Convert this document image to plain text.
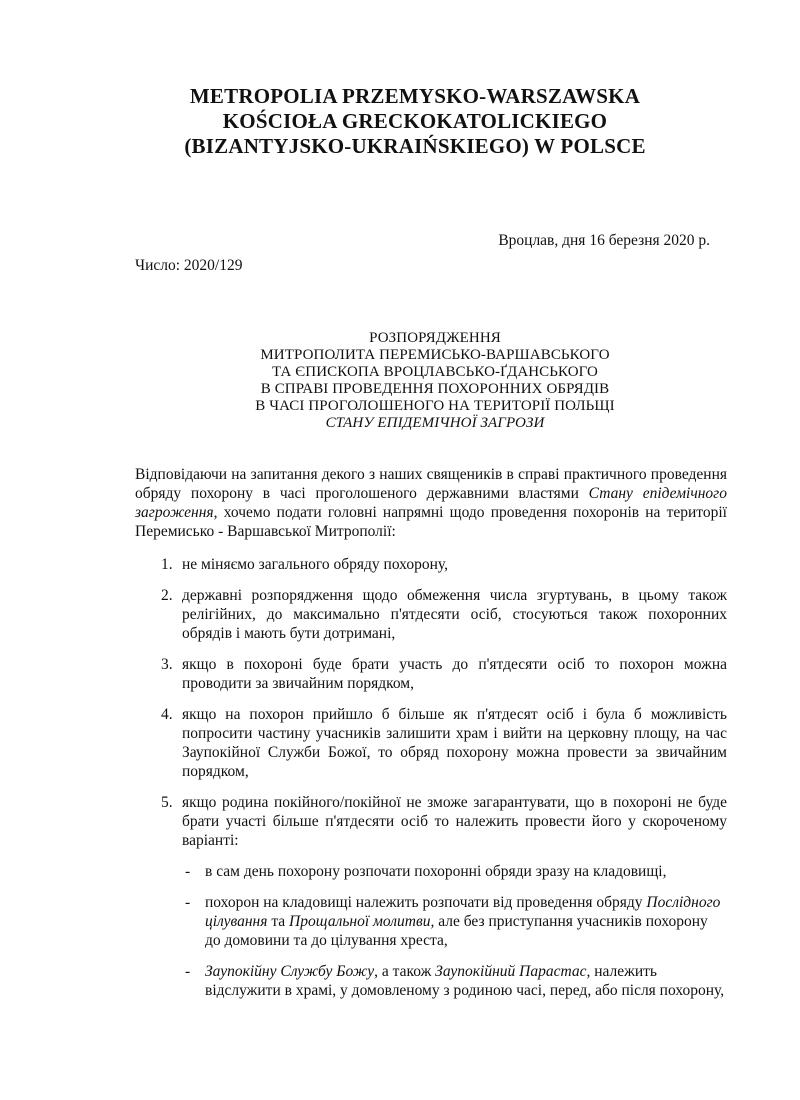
METROPOLIA PRZEMYSKO-WARSZAWSKA
KOŚCIOŁA GRECKOKATOLICKIEGO
(BIZANTYJSKO-UKRAIŃSKIEGO) W POLSCE
Вроцлав, дня 16 березня 2020 р.
Число: 2020/129
РОЗПОРЯДЖЕННЯ
МИТРОПОЛИТА ПЕРЕМИСЬКО-ВАРШАВСЬКОГО
ТА ЄПИСКОПА ВРОЦЛАВСЬКО-ҐДАНСЬКОГО
В СПРАВІ ПРОВЕДЕННЯ ПОХОРОННИХ ОБРЯДІВ
В ЧАСІ ПРОГОЛОШЕНОГО НА ТЕРИТОРІЇ ПОЛЬЩІ
СТАНУ ЕПІДЕМІЧНОЇ ЗАГРОЗИ
Відповідаючи на запитання декого з наших священиків в справі практичного проведення обряду похорону в часі проголошеного державними властями Стану епідемічного загроження, хочемо подати головні напрямні щодо проведення похоронів на території Перемисько - Варшавської Митрополії:
1. не міняємо загального обряду похорону,
2. державні розпорядження щодо обмеження числа згуртувань, в цьому також релігійних, до максимально п'ятдесяти осіб, стосуються також похоронних обрядів і мають бути дотримані,
3. якщо в похороні буде брати участь до п'ятдесяти осіб то похорон можна проводити за звичайним порядком,
4. якщо на похорон прийшло б більше як п'ятдесят осіб і була б можливість попросити частину учасників залишити храм і вийти на церковну площу, на час Заупокійної Служби Божої, то обряд похорону можна провести за звичайним порядком,
5. якщо родина покійного/покійної не зможе загарантувати, що в похороні не буде брати участі більше п'ятдесяти осіб то належить провести його у скороченому варіанті:
- в сам день похорону розпочати похоронні обряди зразу на кладовищі,
- похорон на кладовищі належить розпочати від проведення обряду Послідного цілування та Прощальної молитви, але без приступання учасників похорону до домовини та до цілування хреста,
- Заупокійну Службу Божу, а також Заупокійний Парастас, належить відслужити в храмі, у домовленому з родиною часі, перед, або після похорону,
